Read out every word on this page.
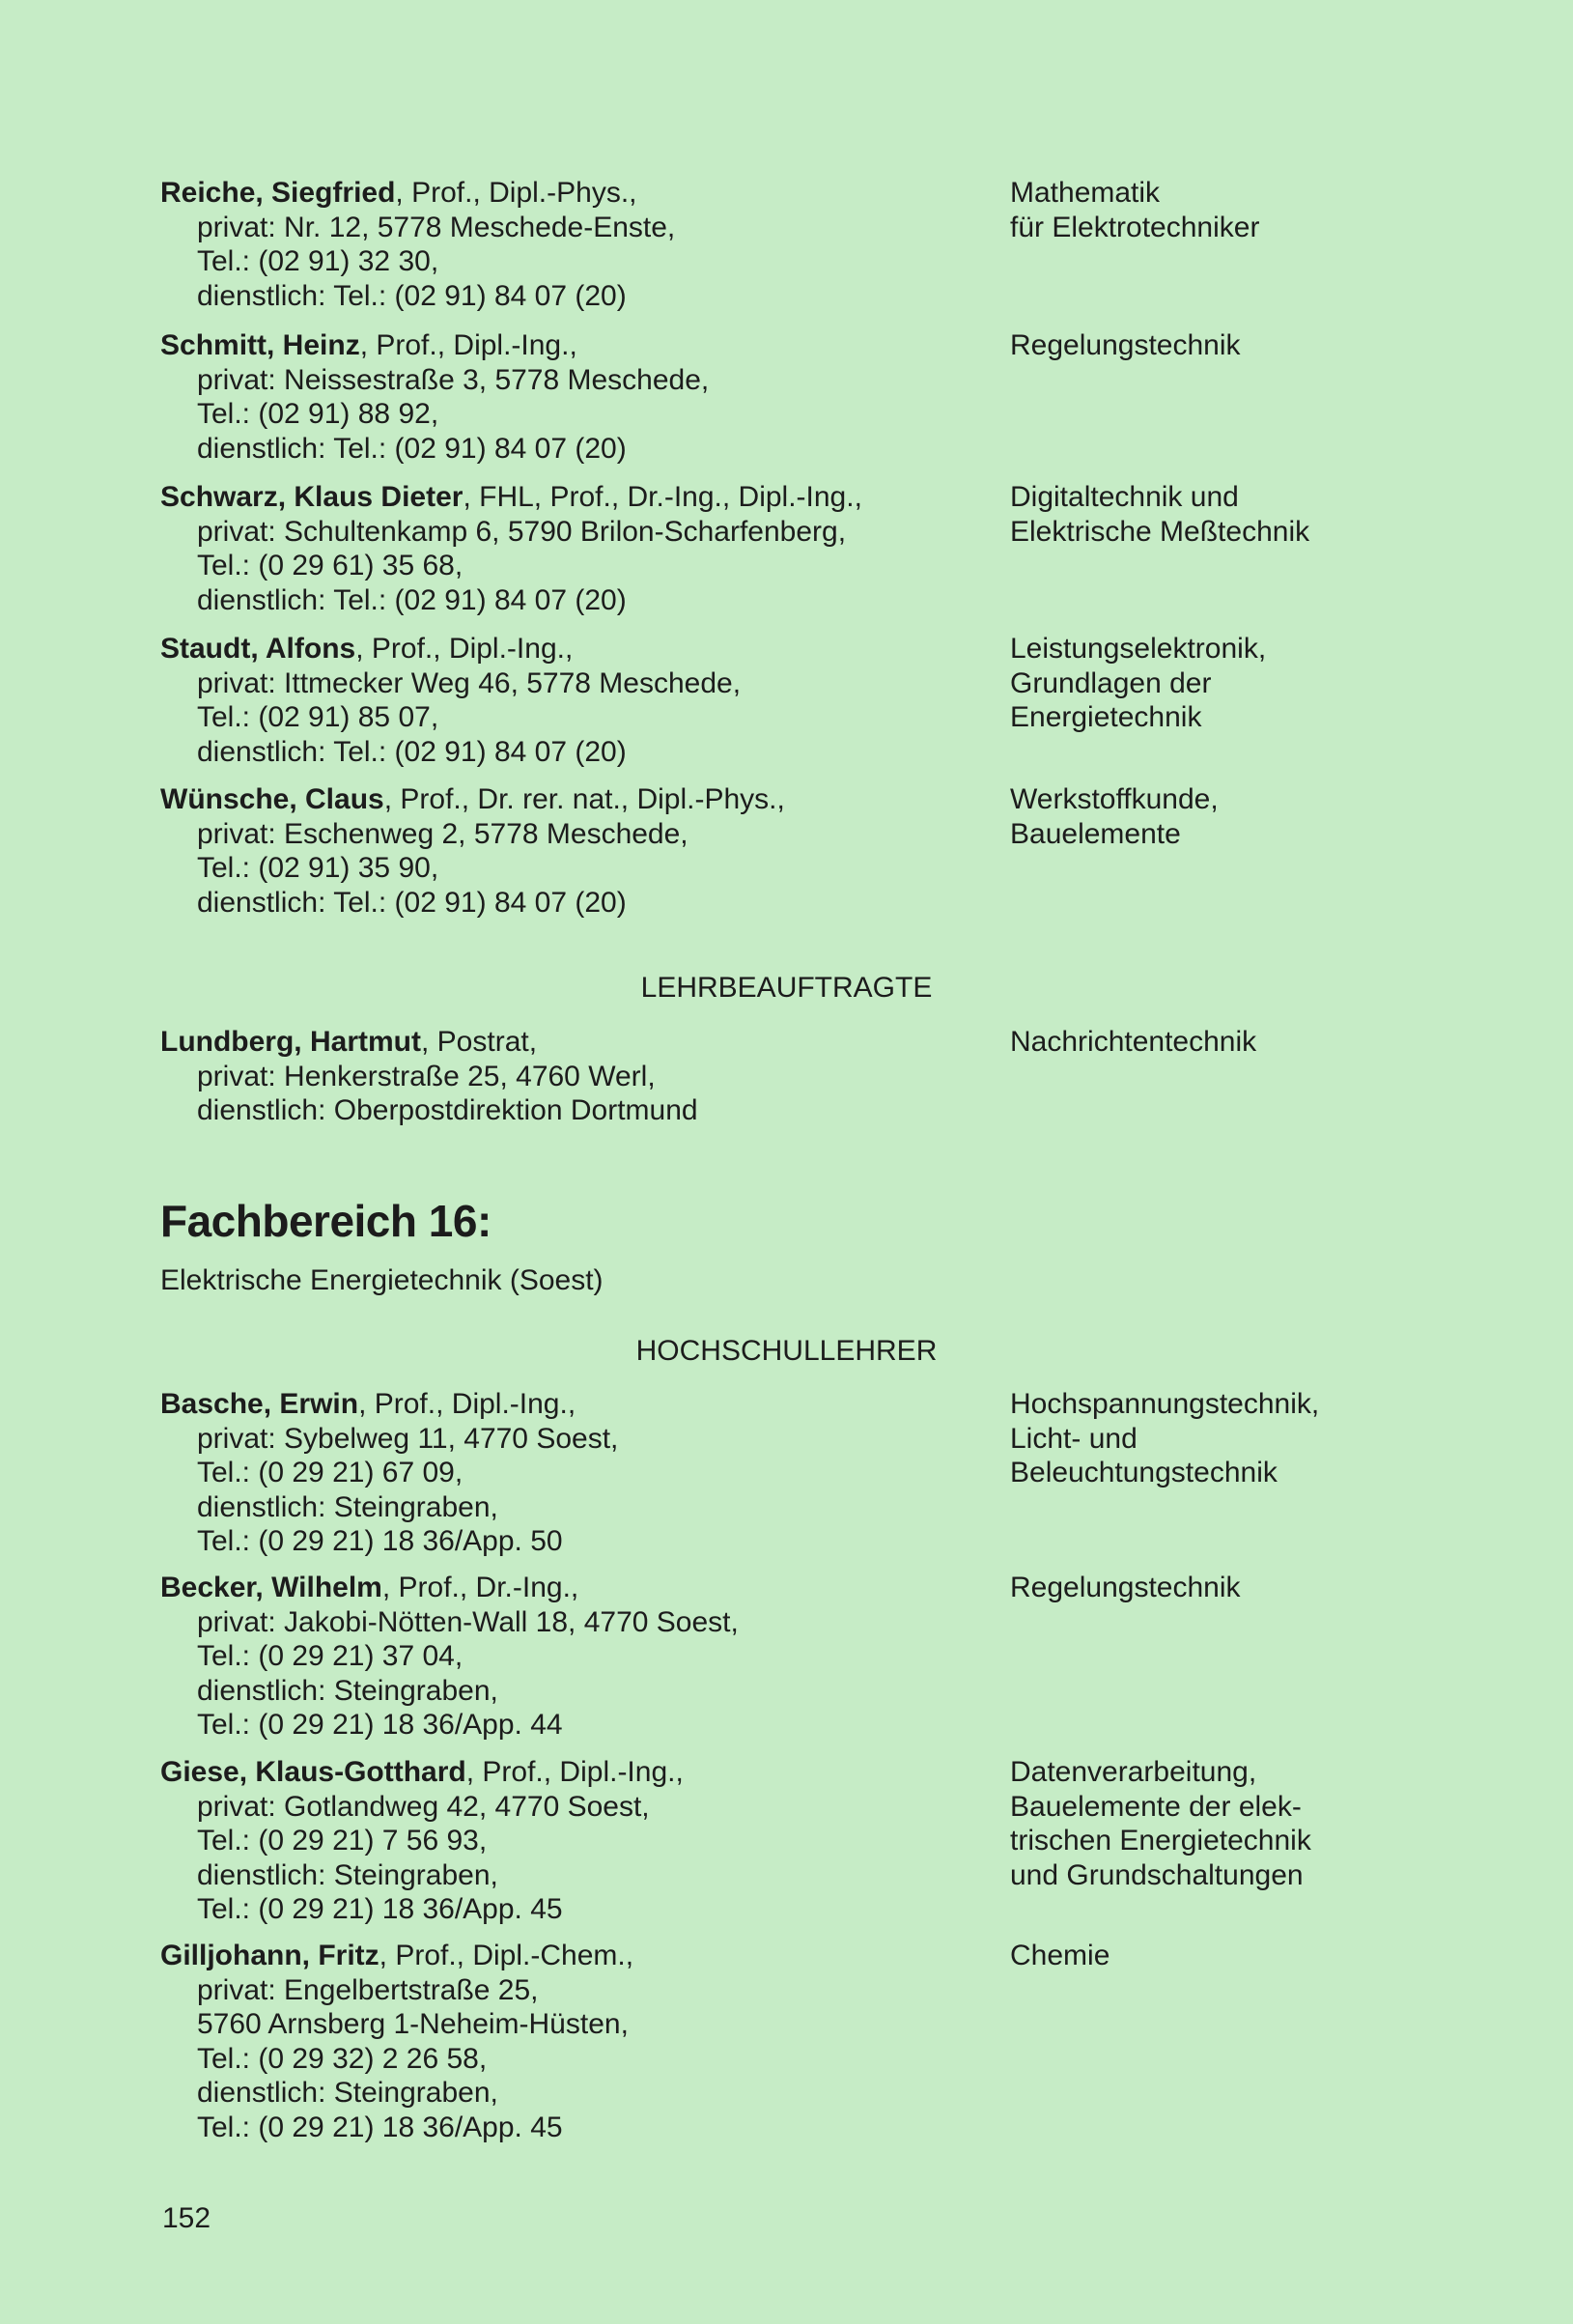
Reiche, Siegfried, Prof., Dipl.-Phys.,
privat: Nr. 12, 5778 Meschede-Enste,
Tel.: (02 91) 32 30,
dienstlich: Tel.: (02 91) 84 07 (20)
Mathematik
für Elektrotechniker
Schmitt, Heinz, Prof., Dipl.-Ing.,
privat: Neissestraße 3, 5778 Meschede,
Tel.: (02 91) 88 92,
dienstlich: Tel.: (02 91) 84 07 (20)
Regelungstechnik
Schwarz, Klaus Dieter, FHL, Prof., Dr.-Ing., Dipl.-Ing.,
privat: Schultenkamp 6, 5790 Brilon-Scharfenberg,
Tel.: (0 29 61) 35 68,
dienstlich: Tel.: (02 91) 84 07 (20)
Digitaltechnik und
Elektrische Meßtechnik
Staudt, Alfons, Prof., Dipl.-Ing.,
privat: Ittmecker Weg 46, 5778 Meschede,
Tel.: (02 91) 85 07,
dienstlich: Tel.: (02 91) 84 07 (20)
Leistungselektronik,
Grundlagen der
Energietechnik
Wünsche, Claus, Prof., Dr. rer. nat., Dipl.-Phys.,
privat: Eschenweg 2, 5778 Meschede,
Tel.: (02 91) 35 90,
dienstlich: Tel.: (02 91) 84 07 (20)
Werkstoffkunde,
Bauelemente
LEHRBEAUFTRAGTE
Lundberg, Hartmut, Postrat,
privat: Henkerstraße 25, 4760 Werl,
dienstlich: Oberpostdirektion Dortmund
Nachrichtentechnik
Fachbereich 16:
Elektrische Energietechnik (Soest)
HOCHSCHULLEHRER
Basche, Erwin, Prof., Dipl.-Ing.,
privat: Sybelweg 11, 4770 Soest,
Tel.: (0 29 21) 67 09,
dienstlich: Steingraben,
Tel.: (0 29 21) 18 36/App. 50
Hochspannungstechnik,
Licht- und
Beleuchtungstechnik
Becker, Wilhelm, Prof., Dr.-Ing.,
privat: Jakobi-Nötten-Wall 18, 4770 Soest,
Tel.: (0 29 21) 37 04,
dienstlich: Steingraben,
Tel.: (0 29 21) 18 36/App. 44
Regelungstechnik
Giese, Klaus-Gotthard, Prof., Dipl.-Ing.,
privat: Gotlandweg 42, 4770 Soest,
Tel.: (0 29 21) 7 56 93,
dienstlich: Steingraben,
Tel.: (0 29 21) 18 36/App. 45
Datenverarbeitung,
Bauelemente der elek-
trischen Energietechnik
und Grundschaltungen
Gilljohann, Fritz, Prof., Dipl.-Chem.,
privat: Engelbertstraße 25,
5760 Arnsberg 1-Neheim-Hüsten,
Tel.: (0 29 32) 2 26 58,
dienstlich: Steingraben,
Tel.: (0 29 21) 18 36/App. 45
Chemie
152
